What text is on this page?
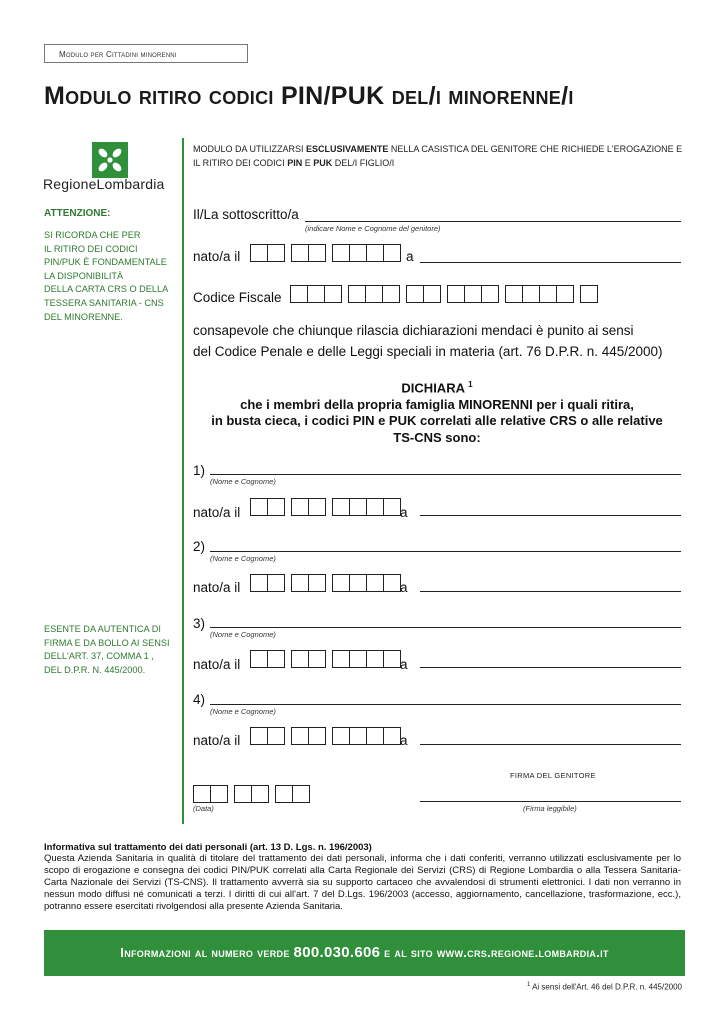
Modulo per Cittadini minorenni
Modulo ritiro codici PIN/PUK del/i minorenne/i
RegioneLombardia
ATTENZIONE:
SI RICORDA CHE PER
IL RITIRO DEI CODICI
PIN/PUK È FONDAMENTALE
LA DISPONIBILITÀ
DELLA CARTA CRS O DELLA
TESSERA SANITARIA - CNS
DEL MINORENNE.
ESENTE DA AUTENTICA DI
FIRMA E DA BOLLO AI SENSI
DELL'ART. 37, COMMA 1 ,
DEL D.P.R. N. 445/2000.
MODULO DA UTILIZZARSI ESCLUSIVAMENTE NELLA CASISTICA DEL GENITORE CHE RICHIEDE L'EROGAZIONE E IL RITIRO DEI CODICI PIN E PUK DEL/I FIGLIO/I
Il/La sottoscritto/a
(indicare Nome e Cognome del genitore)
nato/a il	a
Codice Fiscale
consapevole che chiunque rilascia dichiarazioni mendaci è punito ai sensi
del Codice Penale e delle Leggi speciali in materia (art. 76 D.P.R. n. 445/2000)
DICHIARA $^1$
che i membri della propria famiglia MINORENNI per i quali ritira,
in busta cieca, i codici PIN e PUK correlati alle relative CRS o alle relative
TS-CNS sono:
1)
(Nome e Cognome)
nato/a il	a
2)
(Nome e Cognome)
nato/a il	a
3)
(Nome e Cognome)
nato/a il	a
4)
(Nome e Cognome)
nato/a il	a
FIRMA DEL GENITORE
(Data)	(Firma leggibile)
Informativa sul trattamento dei dati personali (art. 13 D. Lgs. n. 196/2003)
Questa Azienda Sanitaria in qualità di titolare del trattamento dei dati personali, informa che i dati conferiti, verranno utilizzati esclusivamente per lo scopo di erogazione e consegna dei codici PIN/PUK correlati alla Carta Regionale dei Servizi (CRS) di Regione Lombardia o alla Tessera Sanitaria-Carta Nazionale dei Servizi (TS-CNS). Il trattamento avverrà sia su supporto cartaceo che avvalendosi di strumenti elettronici. I dati non verranno in nessun modo diffusi né comunicati a terzi. I diritti di cui all'art. 7 del D.Lgs. 196/2003 (accesso, aggiornamento, cancellazione, trasformazione, ecc.), potranno essere esercitati rivolgendosi alla presente Azienda Sanitaria.
Informazioni al numero verde 800.030.606 e al sito www.crs.regione.lombardia.it
$^1$ Ai sensi dell'Art. 46 del D.P.R. n. 445/2000
